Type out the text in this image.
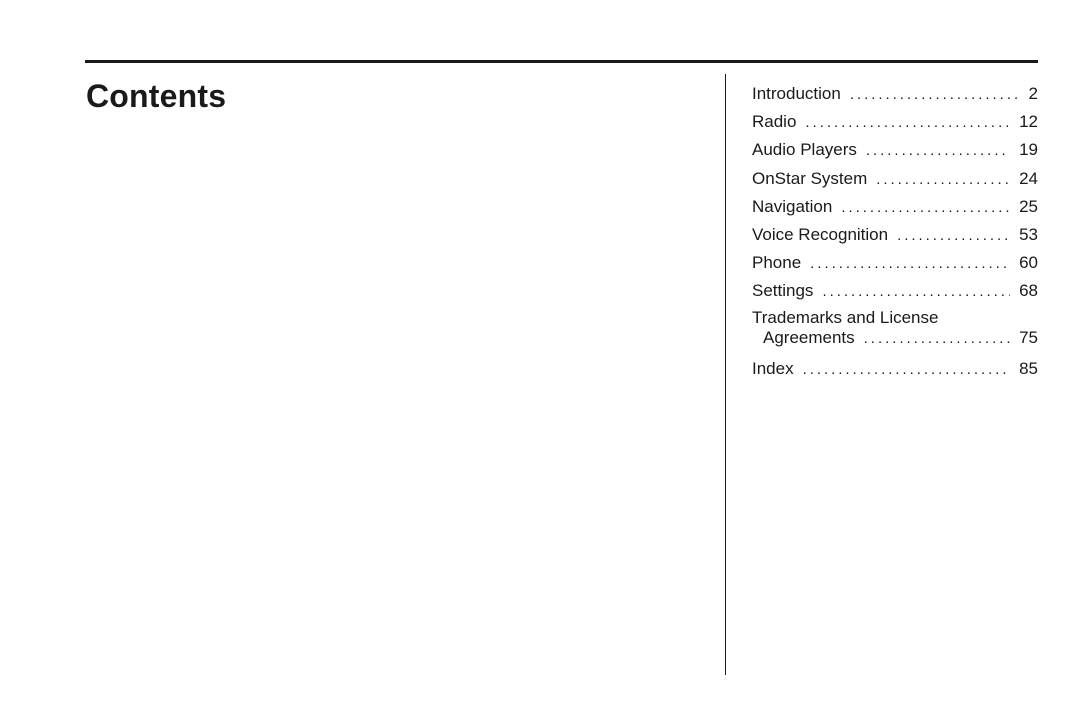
Contents	Introduction . . .	2
Radio . . .	12
Audio Players . . .	19
OnStar System . . .	24
Navigation . . .	25
Voice Recognition . . .	53
Phone . . .	60
Settings . . .	68
Trademarks and License
Agreements . . .	75
Index . . .	85
